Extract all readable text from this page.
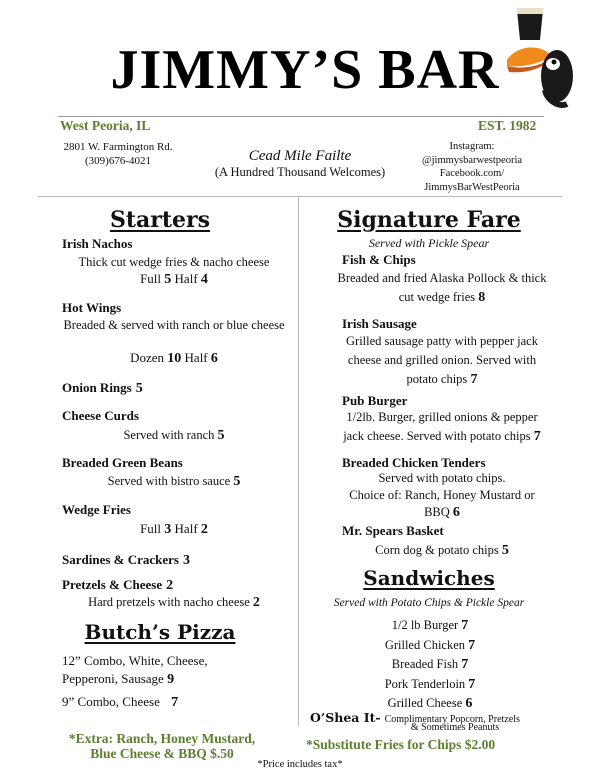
JIMMY’S BAR
West Peoria, IL	EST. 1982
2801 W. Farmington Rd.
(309)676-4021	Cead Mile Failte
(A Hundred Thousand Welcomes)
Instagram:
@jimmysbarwestpeoria
Facebook.com/
JimmysBarWestPeoria
Starters
Irish Nachos
Thick cut wedge fries & nacho cheese
Full 5 Half 4
Hot Wings
Breaded & served with ranch or blue cheese
Dozen 10 Half 6
Onion Rings 5
Cheese Curds
Served with ranch 5
Breaded Green Beans
Served with bistro sauce 5
Wedge Fries
Full 3 Half 2
Sardines & Crackers 3
Pretzels & Cheese 2
Hard pretzels with nacho cheese 2
Butch’s Pizza
12” Combo, White, Cheese,
Pepperoni, Sausage 9
9” Combo, Cheese 7
*Extra: Ranch, Honey Mustard,
Blue Cheese & BBQ $.50
Signature Fare
Served with Pickle Spear
Fish & Chips
Breaded and fried Alaska Pollock & thick
cut wedge fries 8
Irish Sausage
Grilled sausage patty with pepper jack
cheese and grilled onion. Served with
potato chips 7
Pub Burger
1/2lb. Burger, grilled onions & pepper
jack cheese. Served with potato chips 7
Breaded Chicken Tenders
Served with potato chips.
Choice of: Ranch, Honey Mustard or
BBQ 6
Mr. Spears Basket
Corn dog & potato chips 5
Sandwiches
Served with Potato Chips & Pickle Spear
1/2 lb Burger 7
Grilled Chicken 7
Breaded Fish 7
Pork Tenderloin 7
Grilled Cheese 6
O’Shea It- Complimentary Popcorn, Pretzels
& Sometimes Peanuts
*Substitute Fries for Chips $2.00
*Price includes tax*
